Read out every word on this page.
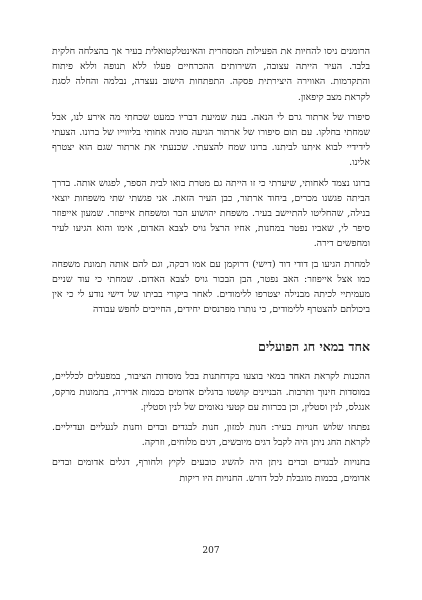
הרומנים ניסו להחיות את הפעילות המסחרית והאינטלקטואלית בעיר אך בהצלחה חלקית בלבד. העיר הייתה עצובה, השירותים ההכרחיים פעלו ללא תנופה וללא פיתוח והתקדמות. האווירה היצירתית פסקה. התפתחות הישוב נעצרה, נבלמה והחלה לסגת לקראת מצב קיפאון.

סיפורו של ארתור גרם לי הנאה. בעת שמיעת דבריו כמעט שכחתי מה אירע לנו, אבל שמחתי בחלקו. עם תום סיפורו של ארתור הגיעה סוניה אחותי בליווייו של ברונו. הצעתי לידידיי לבוא איתנו לביתנו. ברונו שמח להצעתי. שכנעתי את ארתור שגם הוא יצטרף אלינו.

ברונו נצמד לאחותי, שיערתי כי זו הייתה גם מטרת בואו לבית הספר, לפגוש אותה. בדרך הביתה פגשנו מכרים, ביחוד ארתור, כבן העיר הזאת. אני פגשתי שתי משפחות יוצאי בנילה, שהחליטו להתיישב בעיר. משפחת יהושוע הבר ומשפחת אייפוזר. שמעון אייפוזר סיפר לי, שאביו נפטר במחנות, אחיו הרצל גויס לצבא האדום, אימו והוא הגיעו לעיר ומחפשים דירה.

למחרת הגיעו בן דודי דוד (דישי) דרוקמן עם אמו רבקה, וגם להם אותה תמונת משפחה כמו אצל אייפוזר: האב נפטר, הבן הבכור גויס לצבא האדום. שמחתי כי עוד שניים מעמיתיי לכיתה מבנילה יצטרפו ללימודים. לאחר ביקורי בביתו של דישי נודע לי כי אין ביכולתם להצטרף ללימודים, כי נותרו מפרנסים יחידים, החייבים לחפש עבודה

אחד במאי חג הפועלים

ההכנות לקראת האחד במאי בוצעו בקדחתנות בכל מוסדות הציבור, במפעלים לכלליים, במוסדות חינוך ותרבות. הבניינים קושטו בדגלים אדומים בכמות אדירה, בתמונות מרקס, אנגלס, לנין וסטלין, וכן בכרזות עם קטעי נאומים של לנין וסטלין.

נפתחו שלוש חנויות בעיר: חנות למזון, חנות לבגדים ובדים וחנות לנעליים ועדיליים. לקראת החג ניתן היה לקבל דגים מיובשים, דגים מלוחים, וזרקה.

בחנויות לבגדים ובדים ניתן היה להשיג כובעים לקיץ ולחורף, דגלים אדומים ובדים אדומים, בכמות מוגבלת לכל דורש. החנויות היו ריקות

207
